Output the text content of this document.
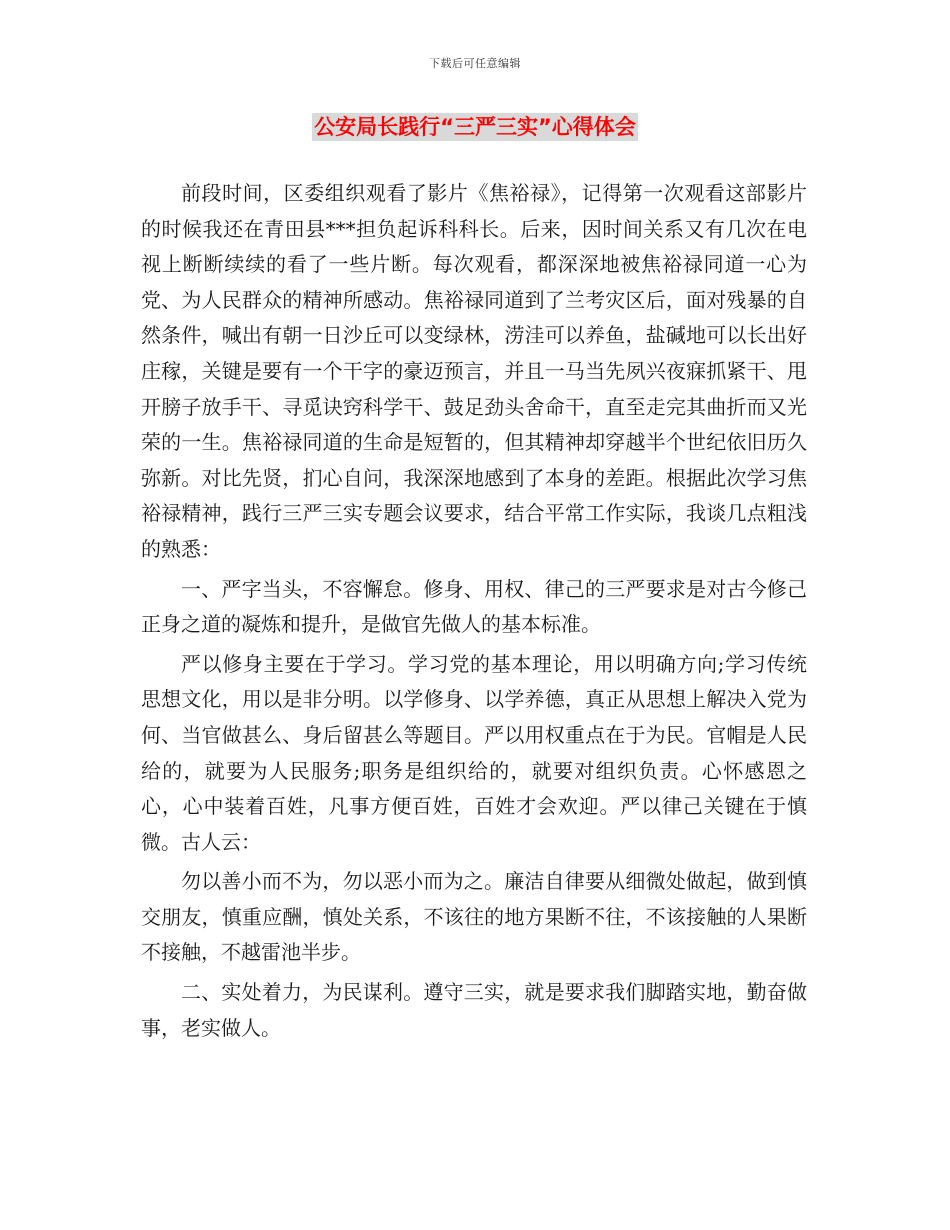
下载后可任意编辑
公安局长践行“三严三实”心得体会

前段时间，区委组织观看了影片《焦裕禄》，记得第一次观看这部影片的时候我还在青田县***担负起诉科科长。后来，因时间关系又有几次在电视上断断续续的看了一些片断。每次观看，都深深地被焦裕禄同道一心为党、为人民群众的精神所感动。焦裕禄同道到了兰考灾区后，面对残暴的自然条件，喊出有朝一日沙丘可以变绿林，涝洼可以养鱼，盐碱地可以长出好庄稼，关键是要有一个干字的豪迈预言，并且一马当先夙兴夜寐抓紧干、甩开膀子放手干、寻觅诀窍科学干、鼓足劲头舍命干，直至走完其曲折而又光荣的一生。焦裕禄同道的生命是短暂的，但其精神却穿越半个世纪依旧历久弥新。对比先贤，扪心自问，我深深地感到了本身的差距。根据此次学习焦裕禄精神，践行三严三实专题会议要求，结合平常工作实际，我谈几点粗浅的熟悉：

一、严字当头，不容懈怠。修身、用权、律己的三严要求是对古今修己正身之道的凝炼和提升，是做官先做人的基本标准。

严以修身主要在于学习。学习党的基本理论，用以明确方向;学习传统思想文化，用以是非分明。以学修身、以学养德，真正从思想上解决入党为何、当官做甚么、身后留甚么等题目。严以用权重点在于为民。官帽是人民给的，就要为人民服务;职务是组织给的，就要对组织负责。心怀感恩之心，心中装着百姓，凡事方便百姓，百姓才会欢迎。严以律己关键在于慎微。古人云：

勿以善小而不为，勿以恶小而为之。廉洁自律要从细微处做起，做到慎交朋友，慎重应酬，慎处关系，不该往的地方果断不往，不该接触的人果断不接触，不越雷池半步。

二、实处着力，为民谋利。遵守三实，就是要求我们脚踏实地，勤奋做事，老实做人。
